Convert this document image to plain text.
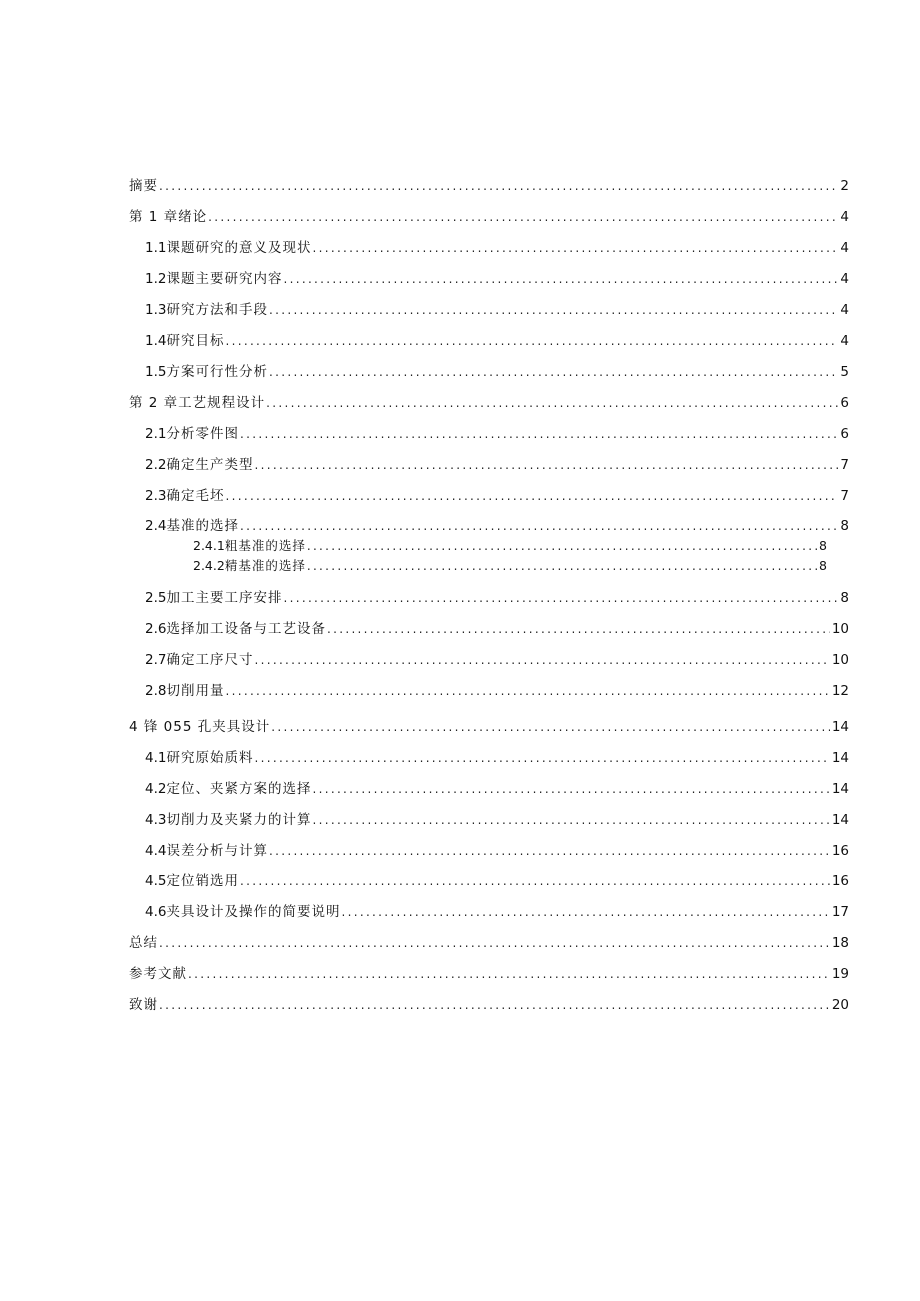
摘要 .....	2
第 1 章绪论 .....	4
1.1 课题研究的意义及现状 .....	4
1.2 课题主要研究内容 .....	4
1.3 研究方法和手段 .....	4
1.4 研究目标 .....	4
1.5 方案可行性分析 .....	5
第 2 章工艺规程设计 .....	6
2.1 分析零件图 .....	6
2.2 确定生产类型 .....	7
2.3 确定毛坯 .....	7
2.4 基准的选择 .....	8
2.4.1 粗基准的选择 .....	8
2.4.2 精基准的选择 .....	8
2.5 加工主要工序安排 .....	8
2.6 选择加工设备与工艺设备 .....	10
2.7 确定工序尺寸 .....	10
2.8 切削用量 .....	12
4 锋 055 孔夹具设计 .....	14
4.1 研究原始质料 .....	14
4.2 定位、夹紧方案的选择 .....	14
4.3 切削力及夹紧力的计算 .....	14
4.4 误差分析与计算 .....	16
4.5 定位销选用 .....	16
4.6 夹具设计及操作的简要说明 .....	17
总结 .....	18
参考文献 .....	19
致谢 .....	20
